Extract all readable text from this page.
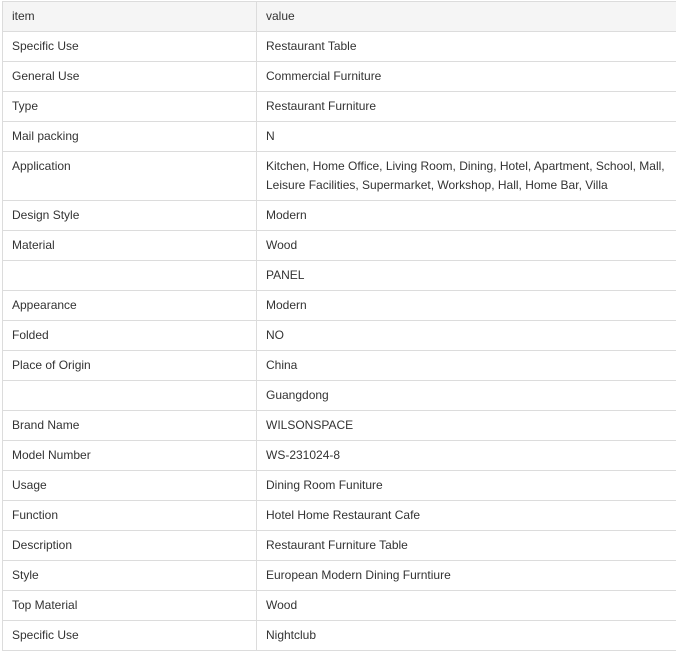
item	value
Specific Use	Restaurant Table
General Use	Commercial Furniture
Type	Restaurant Furniture
Mail packing	N
Application	Kitchen, Home Office, Living Room, Dining, Hotel, Apartment, School, Mall, Leisure Facilities, Supermarket, Workshop, Hall, Home Bar, Villa
Design Style	Modern
Material	Wood
	PANEL
Appearance	Modern
Folded	NO
Place of Origin	China
	Guangdong
Brand Name	WILSONSPACE
Model Number	WS-231024-8
Usage	Dining Room Funiture
Function	Hotel Home Restaurant Cafe
Description	Restaurant Furniture Table
Style	European Modern Dining Furntiure
Top Material	Wood
Specific Use	Nightclub
